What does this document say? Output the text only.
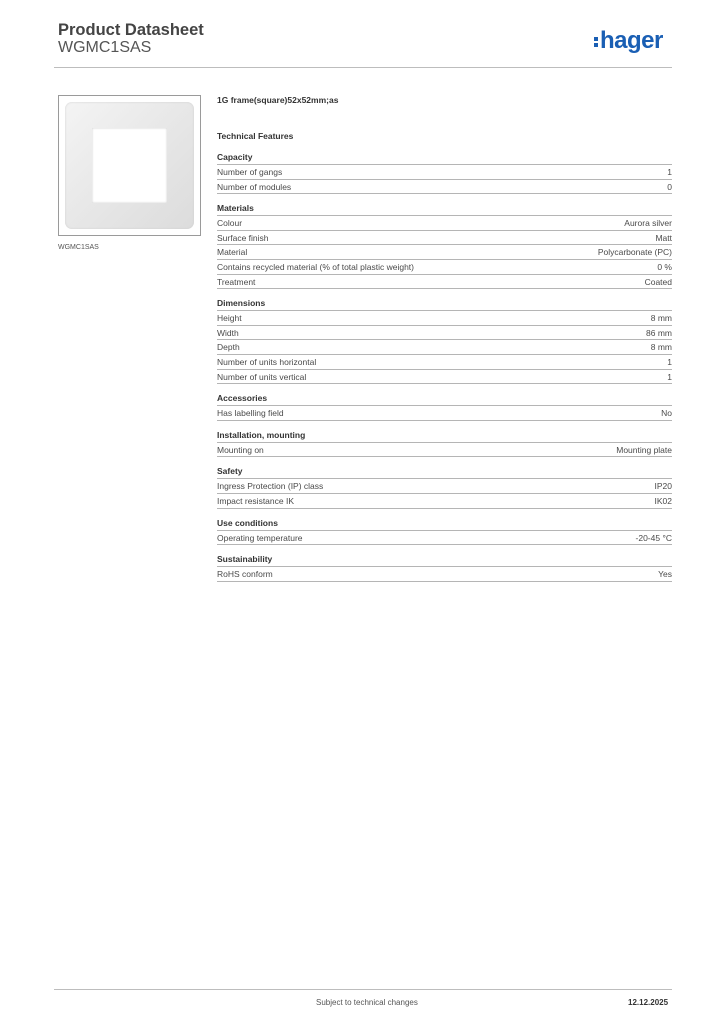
Product Datasheet
WGMC1SAS	hager
WGMC1SAS
1G frame(square)52x52mm;as
Technical Features
Capacity
Number of gangs	1
Number of modules	0
Materials
Colour	Aurora silver
Surface finish	Matt
Material	Polycarbonate (PC)
Contains recycled material (% of total plastic weight)	0 %
Treatment	Coated
Dimensions
Height	8 mm
Width	86 mm
Depth	8 mm
Number of units horizontal	1
Number of units vertical	1
Accessories
Has labelling field	No
Installation, mounting
Mounting on	Mounting plate
Safety
Ingress Protection (IP) class	IP20
Impact resistance IK	IK02
Use conditions
Operating temperature	-20-45 °C
Sustainability
RoHS conform	Yes
Subject to technical changes	12.12.2025
